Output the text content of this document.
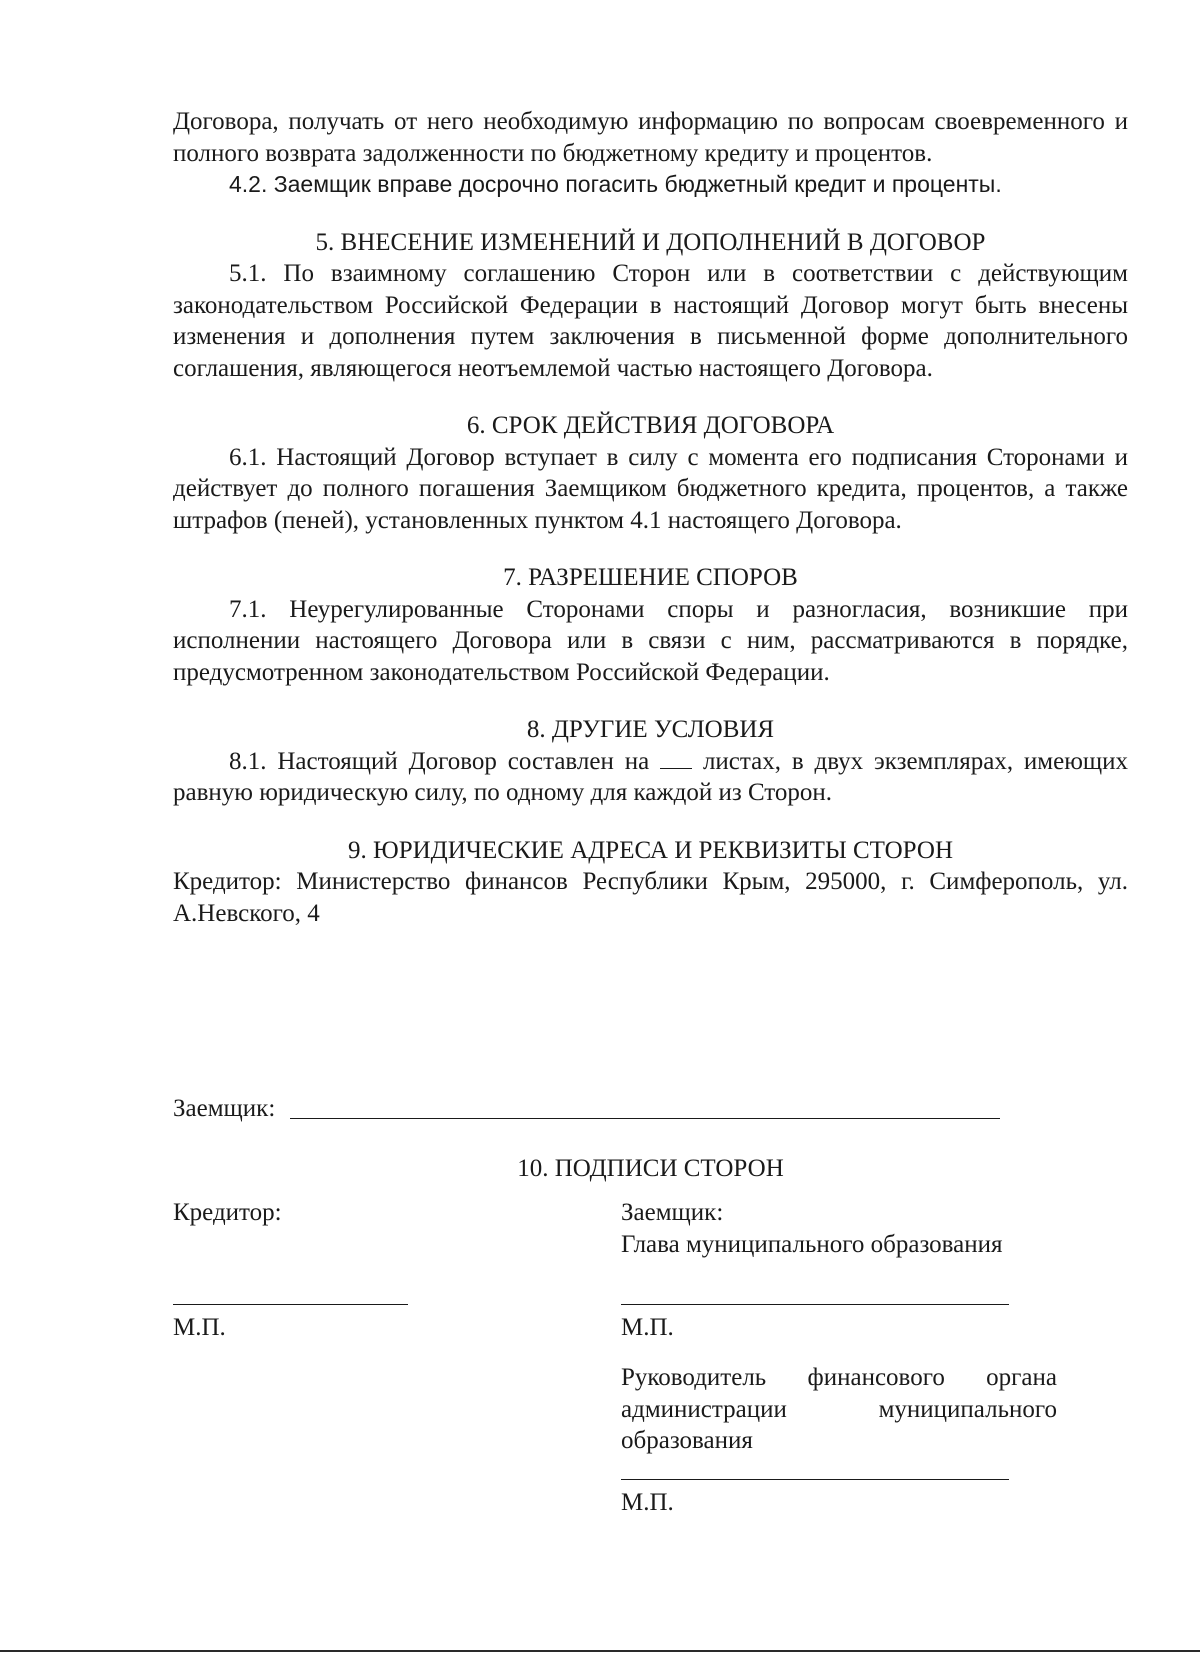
Договора, получать от него необходимую информацию по вопросам своевременного и полного возврата задолженности по бюджетному кредиту и процентов.

4.2. Заемщик вправе досрочно погасить бюджетный кредит и проценты.

5. ВНЕСЕНИЕ ИЗМЕНЕНИЙ И ДОПОЛНЕНИЙ В ДОГОВОР

5.1. По взаимному соглашению Сторон или в соответствии с действующим законодательством Российской Федерации в настоящий Договор могут быть внесены изменения и дополнения путем заключения в письменной форме дополнительного соглашения, являющегося неотъемлемой частью настоящего Договора.

6. СРОК ДЕЙСТВИЯ ДОГОВОРА

6.1. Настоящий Договор вступает в силу с момента его подписания Сторонами и действует до полного погашения Заемщиком бюджетного кредита, процентов, а также штрафов (пеней), установленных пунктом 4.1 настоящего Договора.

7. РАЗРЕШЕНИЕ СПОРОВ

7.1. Неурегулированные Сторонами споры и разногласия, возникшие при исполнении настоящего Договора или в связи с ним, рассматриваются в порядке, предусмотренном законодательством Российской Федерации.

8. ДРУГИЕ УСЛОВИЯ

8.1. Настоящий Договор составлен на листах, в двух экземплярах, имеющих равную юридическую силу, по одному для каждой из Сторон.

9. ЮРИДИЧЕСКИЕ АДРЕСА И РЕКВИЗИТЫ СТОРОН

Кредитор: Министерство финансов Республики Крым, 295000, г. Симферополь, ул. А.Невского, 4

Заемщик:
10. ПОДПИСИ СТОРОН
Кредитор:
М.П.
Заемщик:
Глава муниципального образования
М.П.
Руководитель финансового органа администрации муниципального образования
М.П.
